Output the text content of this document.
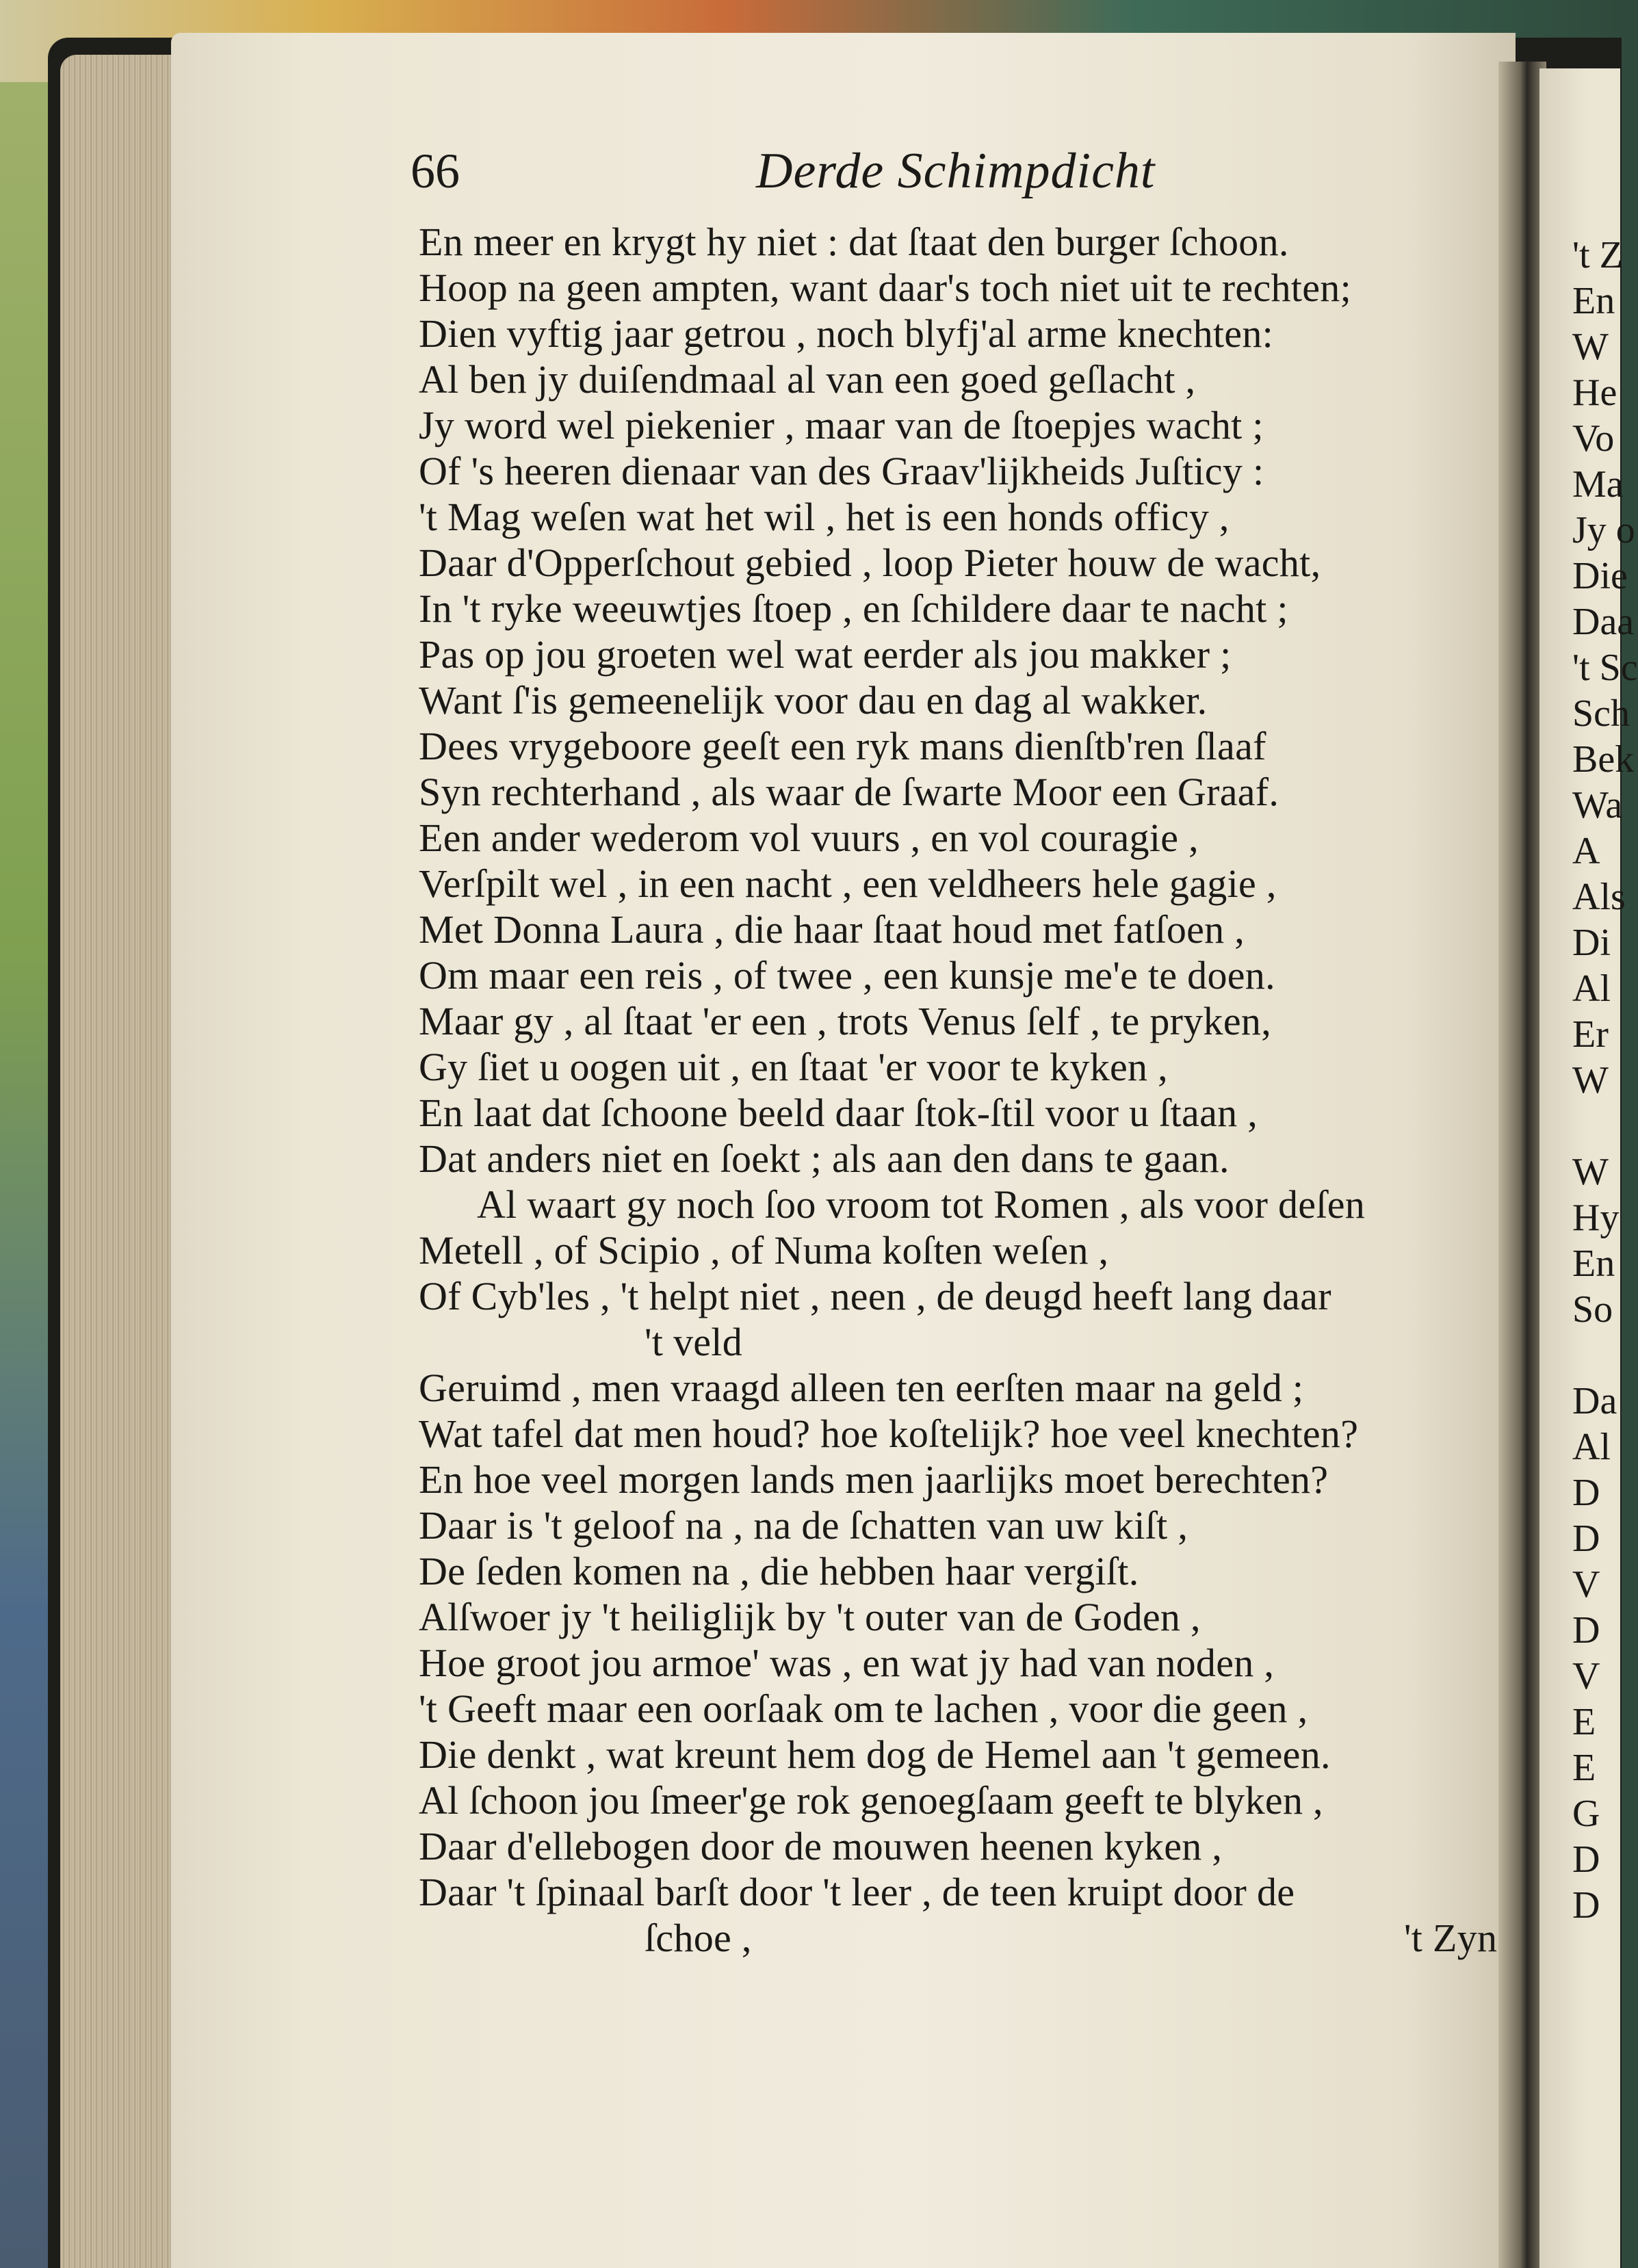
66	Derde Schimpdicht
En meer en krygt hy niet : dat ſtaat den burger ſchoon.
Hoop na geen ampten, want daar's toch niet uit te rechten;
Dien vyftig jaar getrou , noch blyfj'al arme knechten:
Al ben jy duiſendmaal al van een goed geſlacht ,
Jy word wel piekenier , maar van de ſtoepjes wacht ;
Of 's heeren dienaar van des Graav'lijkheids Juſticy :
't Mag weſen wat het wil , het is een honds officy ,
Daar d'Opperſchout gebied , loop Pieter houw de wacht,
In 't ryke weeuwtjes ſtoep , en ſchildere daar te nacht ;
Pas op jou groeten wel wat eerder als jou makker ;
Want ſ'is gemeenelijk voor dau en dag al wakker.
Dees vrygeboore geeſt een ryk mans dienſtb'ren ſlaaf
Syn rechterhand , als waar de ſwarte Moor een Graaf.
Een ander wederom vol vuurs , en vol couragie ,
Verſpilt wel , in een nacht , een veldheers hele gagie ,
Met Donna Laura , die haar ſtaat houd met fatſoen ,
Om maar een reis , of twee , een kunsje me'e te doen.
Maar gy , al ſtaat 'er een , trots Venus ſelf , te pryken,
Gy ſiet u oogen uit , en ſtaat 'er voor te kyken ,
En laat dat ſchoone beeld daar ſtok-ſtil voor u ſtaan ,
Dat anders niet en ſoekt ; als aan den dans te gaan.
Al waart gy noch ſoo vroom tot Romen , als voor deſen
Metell , of Scipio , of Numa koſten weſen ,
Of Cyb'les , 't helpt niet , neen , de deugd heeft lang daar
't veld
Geruimd , men vraagd alleen ten eerſten maar na geld ;
Wat tafel dat men houd? hoe koſtelijk? hoe veel knechten?
En hoe veel morgen lands men jaarlijks moet berechten?
Daar is 't geloof na , na de ſchatten van uw kiſt ,
De ſeden komen na , die hebben haar vergiſt.
Alſwoer jy 't heiliglijk by 't outer van de Goden ,
Hoe groot jou armoe' was , en wat jy had van noden ,
't Geeft maar een oorſaak om te lachen , voor die geen ,
Die denkt , wat kreunt hem dog de Hemel aan 't gemeen.
Al ſchoon jou ſmeer'ge rok genoegſaam geeft te blyken ,
Daar d'ellebogen door de mouwen heenen kyken ,
Daar 't ſpinaal barſt door 't leer , de teen kruipt door de
ſchoe ,	't Zyn
't Z
En
W
He
Vo
Ma
Jy o
Die
Daa
't Sc
Sch
Bek
Wa
A
Als
Di
Al
Er
W
W
Hy
En
So
Da
Al
D
D
V
D
V
E
E
G
D
D
